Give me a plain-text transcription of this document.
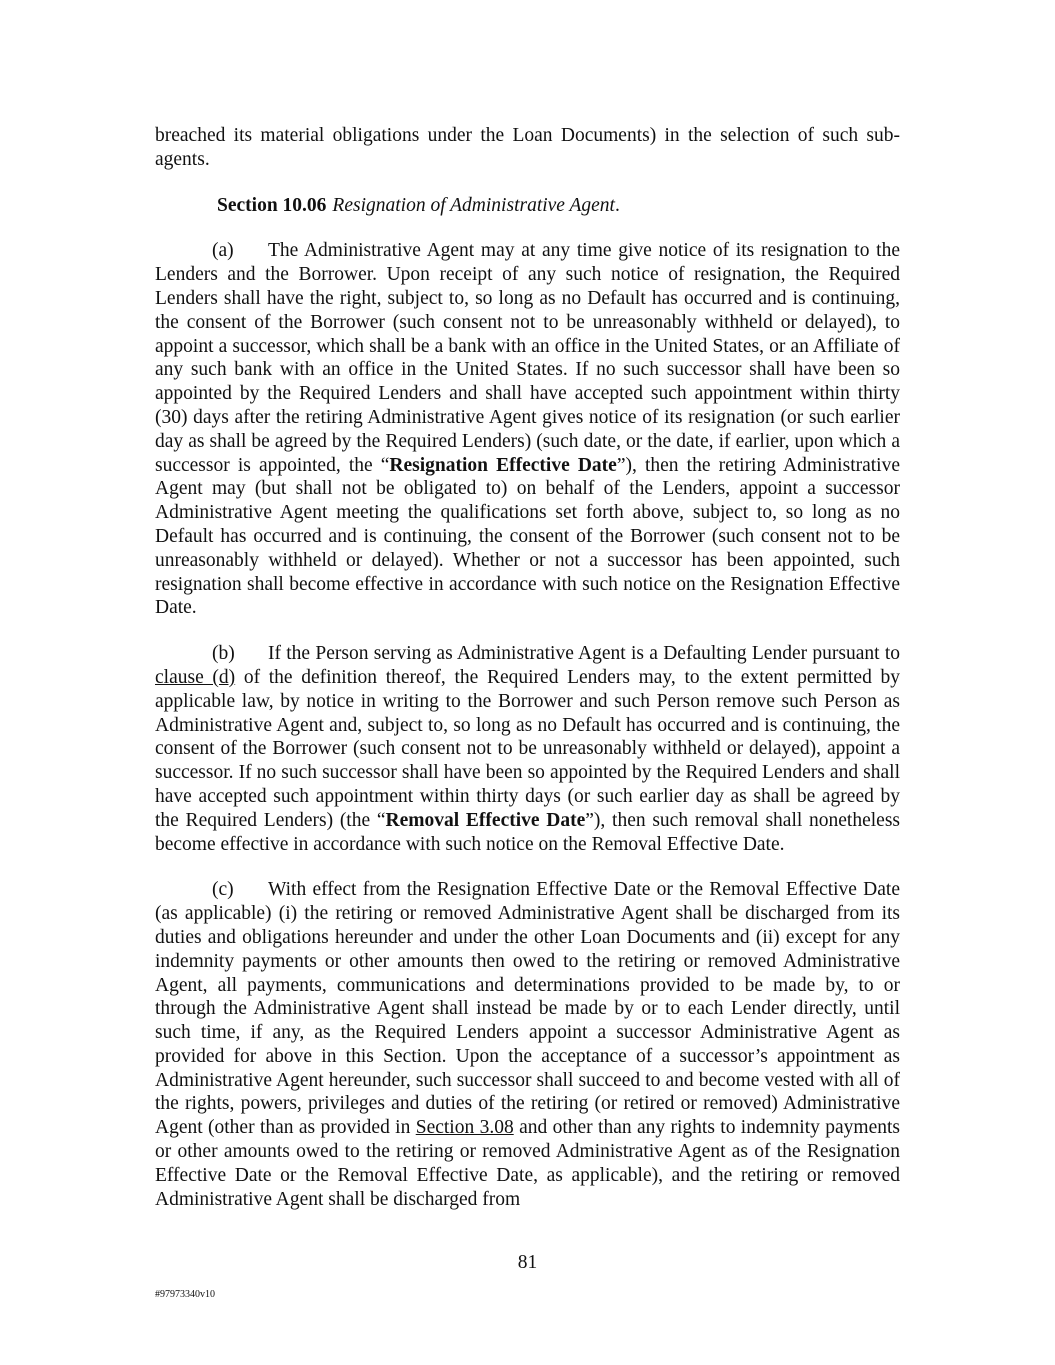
breached its material obligations under the Loan Documents) in the selection of such sub-agents.

Section 10.06 Resignation of Administrative Agent.

(a) The Administrative Agent may at any time give notice of its resignation to the Lenders and the Borrower. Upon receipt of any such notice of resignation, the Required Lenders shall have the right, subject to, so long as no Default has occurred and is continuing, the consent of the Borrower (such consent not to be unreasonably withheld or delayed), to appoint a successor, which shall be a bank with an office in the United States, or an Affiliate of any such bank with an office in the United States. If no such successor shall have been so appointed by the Required Lenders and shall have accepted such appointment within thirty (30) days after the retiring Administrative Agent gives notice of its resignation (or such earlier day as shall be agreed by the Required Lenders) (such date, or the date, if earlier, upon which a successor is appointed, the “Resignation Effective Date”), then the retiring Administrative Agent may (but shall not be obligated to) on behalf of the Lenders, appoint a successor Administrative Agent meeting the qualifications set forth above, subject to, so long as no Default has occurred and is continuing, the consent of the Borrower (such consent not to be unreasonably withheld or delayed). Whether or not a successor has been appointed, such resignation shall become effective in accordance with such notice on the Resignation Effective Date.

(b) If the Person serving as Administrative Agent is a Defaulting Lender pursuant to clause (d) of the definition thereof, the Required Lenders may, to the extent permitted by applicable law, by notice in writing to the Borrower and such Person remove such Person as Administrative Agent and, subject to, so long as no Default has occurred and is continuing, the consent of the Borrower (such consent not to be unreasonably withheld or delayed), appoint a successor. If no such successor shall have been so appointed by the Required Lenders and shall have accepted such appointment within thirty days (or such earlier day as shall be agreed by the Required Lenders) (the “Removal Effective Date”), then such removal shall nonetheless become effective in accordance with such notice on the Removal Effective Date.

(c) With effect from the Resignation Effective Date or the Removal Effective Date (as applicable) (i) the retiring or removed Administrative Agent shall be discharged from its duties and obligations hereunder and under the other Loan Documents and (ii) except for any indemnity payments or other amounts then owed to the retiring or removed Administrative Agent, all payments, communications and determinations provided to be made by, to or through the Administrative Agent shall instead be made by or to each Lender directly, until such time, if any, as the Required Lenders appoint a successor Administrative Agent as provided for above in this Section. Upon the acceptance of a successor’s appointment as Administrative Agent hereunder, such successor shall succeed to and become vested with all of the rights, powers, privileges and duties of the retiring (or retired or removed) Administrative Agent (other than as provided in Section 3.08 and other than any rights to indemnity payments or other amounts owed to the retiring or removed Administrative Agent as of the Resignation Effective Date or the Removal Effective Date, as applicable), and the retiring or removed Administrative Agent shall be discharged from

81
#97973340v10
